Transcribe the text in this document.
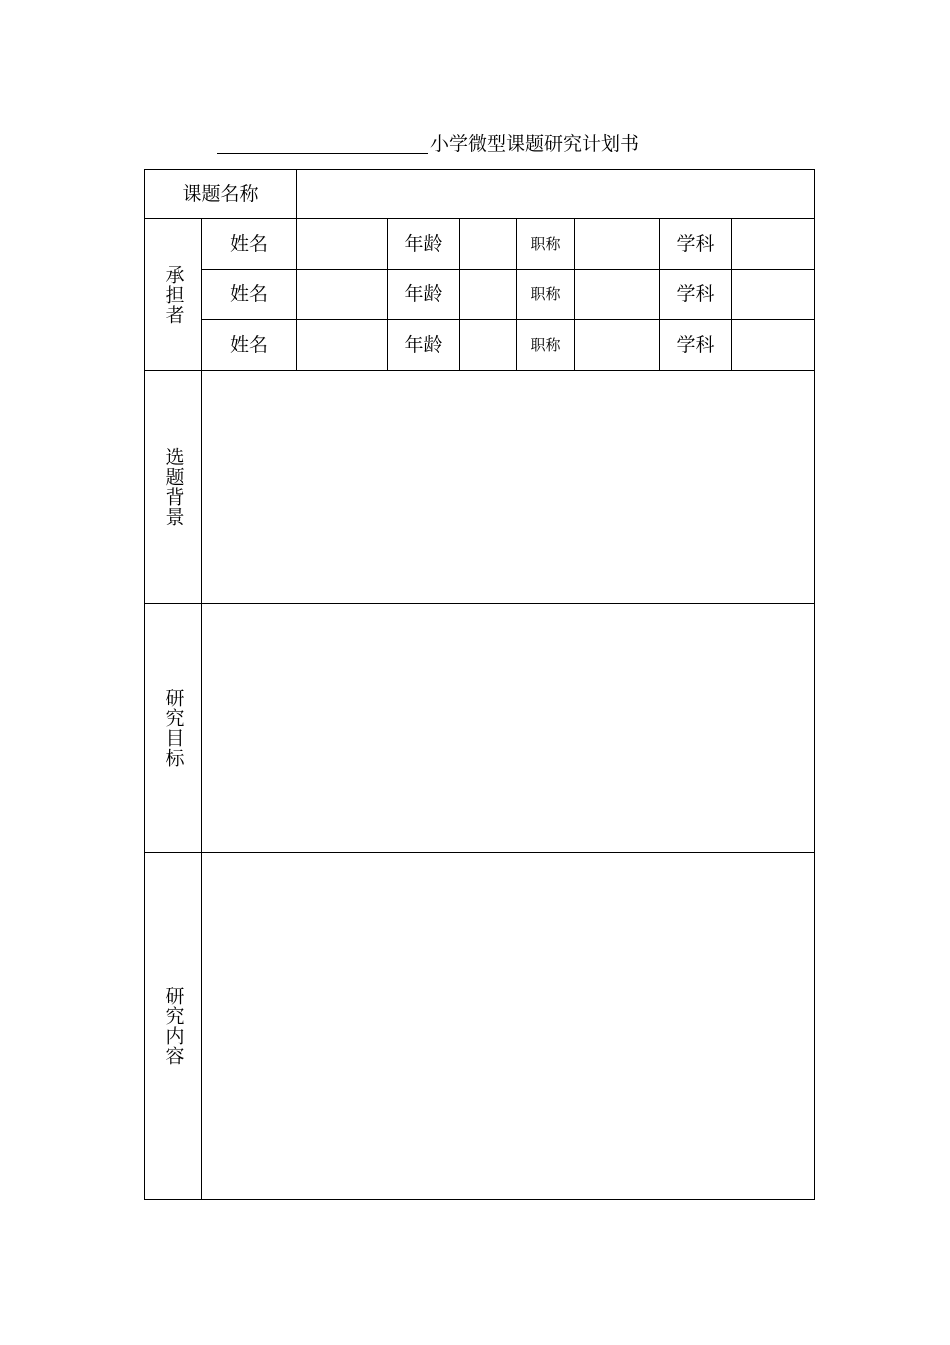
小学微型课题研究计划书
课题名称
承担者
姓名	年龄	职称	学科
姓名	年龄	职称	学科
姓名	年龄	职称	学科
选题背景
研究目标
研究内容
